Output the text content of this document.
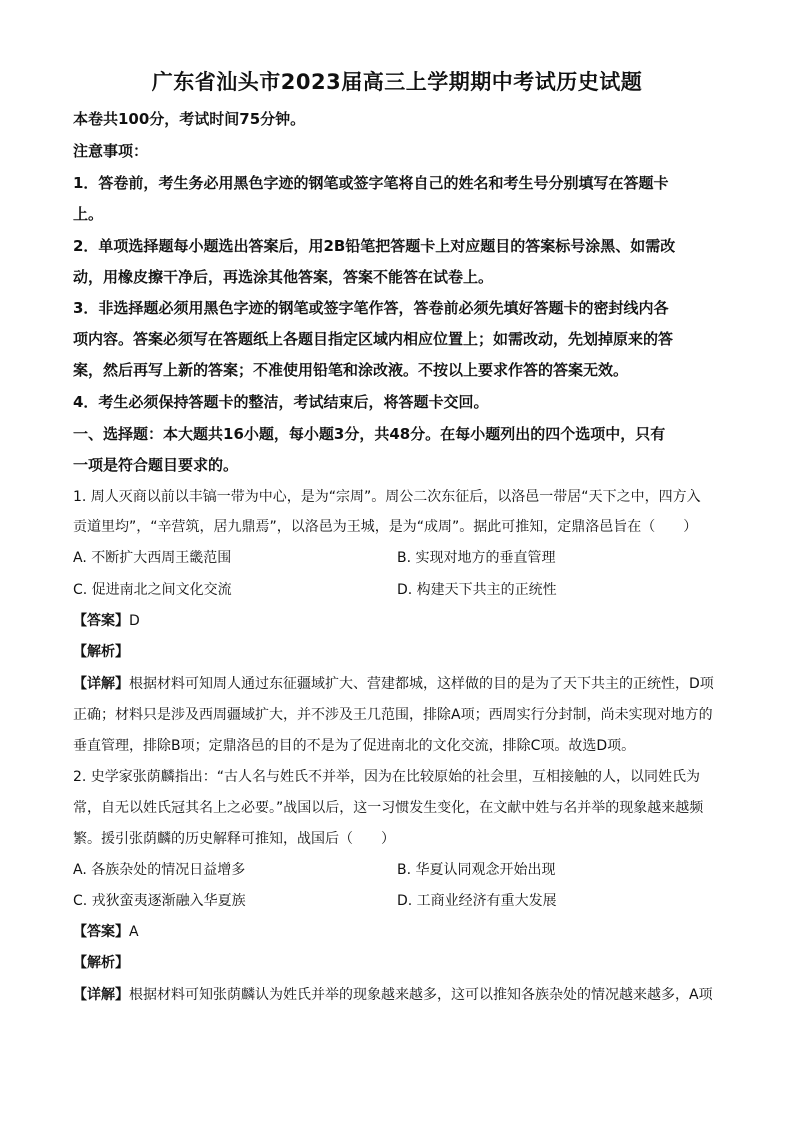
广东省汕头市2023届高三上学期期中考试历史试题
本卷共100分，考试时间75分钟。
注意事项：
1．答卷前，考生务必用黑色字迹的钢笔或签字笔将自己的姓名和考生号分别填写在答题卡
上。
2．单项选择题每小题选出答案后，用2B铅笔把答题卡上对应题目的答案标号涂黑、如需改
动，用橡皮擦干净后，再选涂其他答案，答案不能答在试卷上。
3．非选择题必须用黑色字迹的钢笔或签字笔作答，答卷前必须先填好答题卡的密封线内各
项内容。答案必须写在答题纸上各题目指定区域内相应位置上；如需改动，先划掉原来的答
案，然后再写上新的答案；不准使用铅笔和涂改液。不按以上要求作答的答案无效。
4．考生必须保持答题卡的整洁，考试结束后，将答题卡交回。
一、选择题：本大题共16小题，每小题3分，共48分。在每小题列出的四个选项中，只有
一项是符合题目要求的。
1. 周人灭商以前以丰镐一带为中心，是为“宗周”。周公二次东征后，以洛邑一带居“天下之中，四方入
贡道里均”，“辛营筑，居九鼎焉”，以洛邑为王城，是为“成周”。据此可推知，定鼎洛邑旨在（　　）
A. 不断扩大西周王畿范围	B. 实现对地方的垂直管理
C. 促进南北之间文化交流	D. 构建天下共主的正统性
【答案】D
【解析】
【详解】根据材料可知周人通过东征疆域扩大、营建都城，这样做的目的是为了天下共主的正统性，D项
正确；材料只是涉及西周疆域扩大，并不涉及王几范围，排除A项；西周实行分封制，尚未实现对地方的
垂直管理，排除B项；定鼎洛邑的目的不是为了促进南北的文化交流，排除C项。故选D项。
2. 史学家张荫麟指出：“古人名与姓氏不并举，因为在比较原始的社会里，互相接触的人，以同姓氏为
常，自无以姓氏冠其名上之必要。”战国以后，这一习惯发生变化，在文献中姓与名并举的现象越来越频
繁。援引张荫麟的历史解释可推知，战国后（　　）
A. 各族杂处的情况日益增多	B. 华夏认同观念开始出现
C. 戎狄蛮夷逐渐融入华夏族	D. 工商业经济有重大发展
【答案】A
【解析】
【详解】根据材料可知张荫麟认为姓氏并举的现象越来越多，这可以推知各族杂处的情况越来越多，A项
